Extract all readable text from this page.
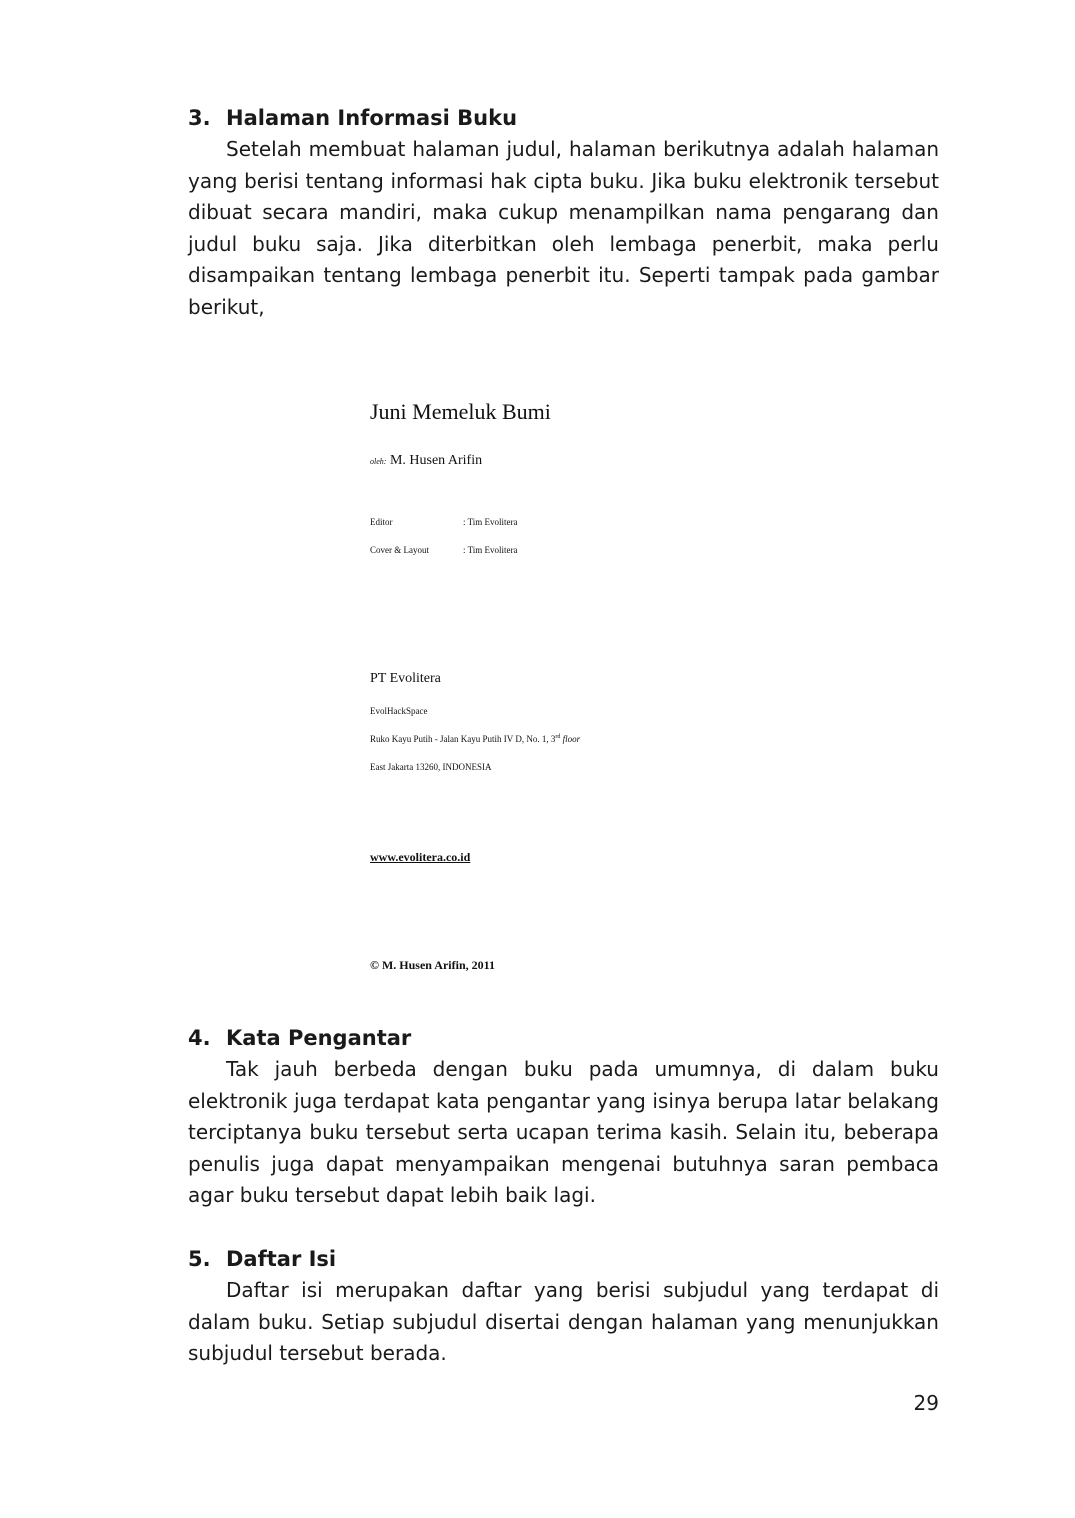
3. Halaman Informasi Buku
Setelah membuat halaman judul, halaman berikutnya adalah halaman yang berisi tentang informasi hak cipta buku. Jika buku elektronik tersebut dibuat secara mandiri, maka cukup menampilkan nama pengarang dan judul buku saja. Jika diterbitkan oleh lembaga penerbit, maka perlu disampaikan tentang lembaga penerbit itu. Seperti tampak pada gambar berikut,
Juni Memeluk Bumi
oleh: M. Husen Arifin
Editor	: Tim Evolitera
Cover & Layout	: Tim Evolitera
PT Evolitera
EvolHackSpace
Ruko Kayu Putih - Jalan Kayu Putih IV D, No. 1, 3rd floor
East Jakarta 13260, INDONESIA
www.evolitera.co.id
© M. Husen Arifin, 2011
4. Kata Pengantar
Tak jauh berbeda dengan buku pada umumnya, di dalam buku elektronik juga terdapat kata pengantar yang isinya berupa latar belakang terciptanya buku tersebut serta ucapan terima kasih. Selain itu, beberapa penulis juga dapat menyampaikan mengenai butuhnya saran pembaca agar buku tersebut dapat lebih baik lagi.
5. Daftar Isi
Daftar isi merupakan daftar yang berisi subjudul yang terdapat di dalam buku. Setiap subjudul disertai dengan halaman yang menunjukkan subjudul tersebut berada.
29
